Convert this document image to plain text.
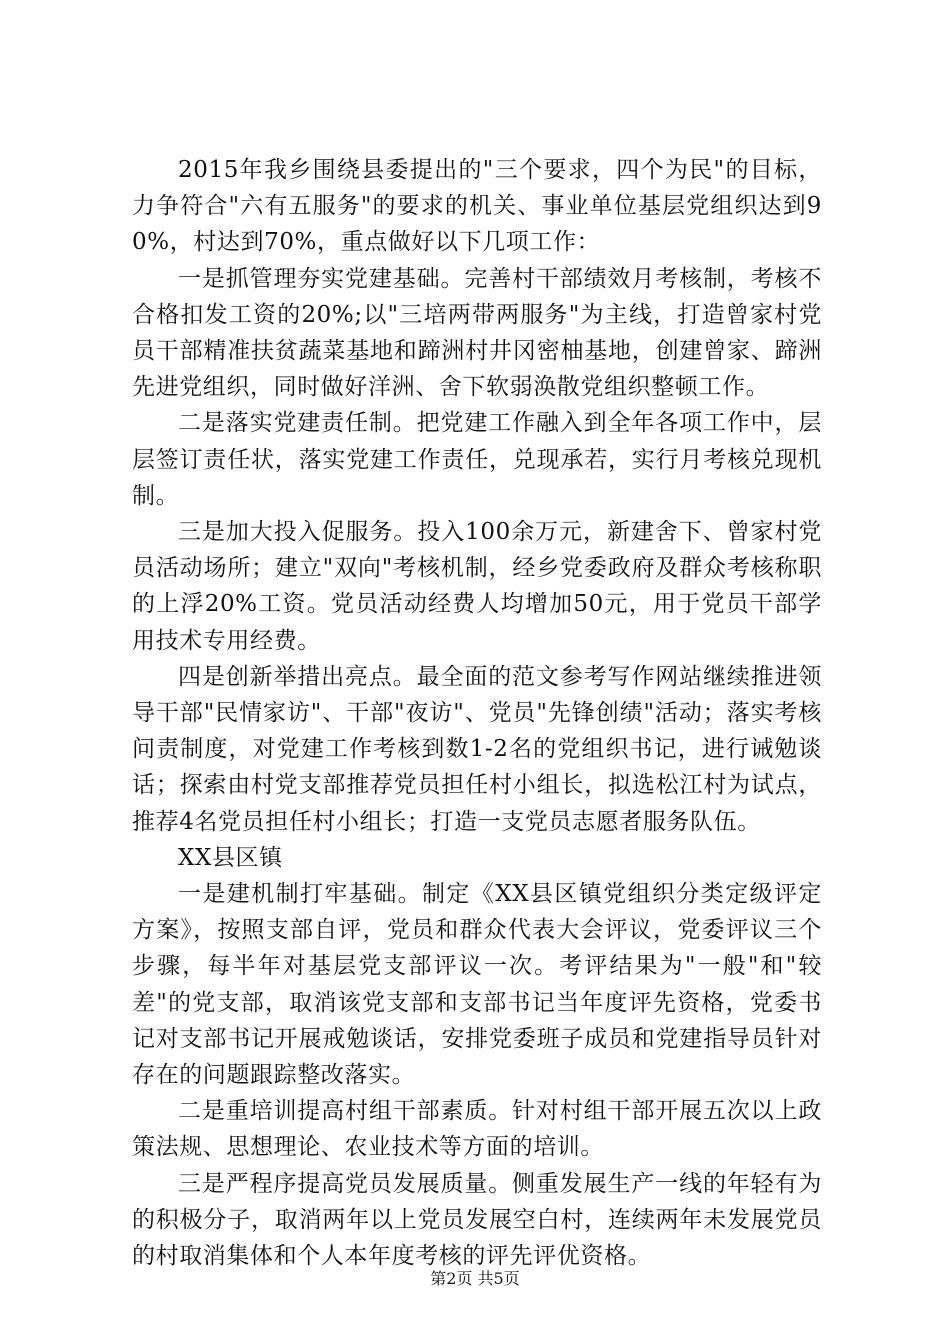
2015年我乡围绕县委提出的"三个要求，四个为民"的目标，力争符合"六有五服务"的要求的机关、事业单位基层党组织达到90%，村达到70%，重点做好以下几项工作：

一是抓管理夯实党建基础。完善村干部绩效月考核制，考核不合格扣发工资的20%;以"三培两带两服务"为主线，打造曾家村党员干部精准扶贫蔬菜基地和蹄洲村井冈密柚基地，创建曾家、蹄洲先进党组织，同时做好洋洲、舍下软弱涣散党组织整顿工作。

二是落实党建责任制。把党建工作融入到全年各项工作中，层层签订责任状，落实党建工作责任，兑现承若，实行月考核兑现机制。

三是加大投入促服务。投入100余万元，新建舍下、曾家村党员活动场所；建立"双向"考核机制，经乡党委政府及群众考核称职的上浮20%工资。党员活动经费人均增加50元，用于党员干部学用技术专用经费。

四是创新举措出亮点。最全面的范文参考写作网站继续推进领导干部"民情家访"、干部"夜访"、党员"先锋创绩"活动；落实考核问责制度，对党建工作考核到数1-2名的党组织书记，进行诫勉谈话；探索由村党支部推荐党员担任村小组长，拟选松江村为试点，推荐4名党员担任村小组长；打造一支党员志愿者服务队伍。

XX县区镇

一是建机制打牢基础。制定《XX县区镇党组织分类定级评定方案》，按照支部自评，党员和群众代表大会评议，党委评议三个步骤，每半年对基层党支部评议一次。考评结果为"一般"和"较差"的党支部，取消该党支部和支部书记当年度评先资格，党委书记对支部书记开展戒勉谈话，安排党委班子成员和党建指导员针对存在的问题跟踪整改落实。

二是重培训提高村组干部素质。针对村组干部开展五次以上政策法规、思想理论、农业技术等方面的培训。

三是严程序提高党员发展质量。侧重发展生产一线的年轻有为的积极分子，取消两年以上党员发展空白村，连续两年未发展党员的村取消集体和个人本年度考核的评先评优资格。

第2页 共5页
